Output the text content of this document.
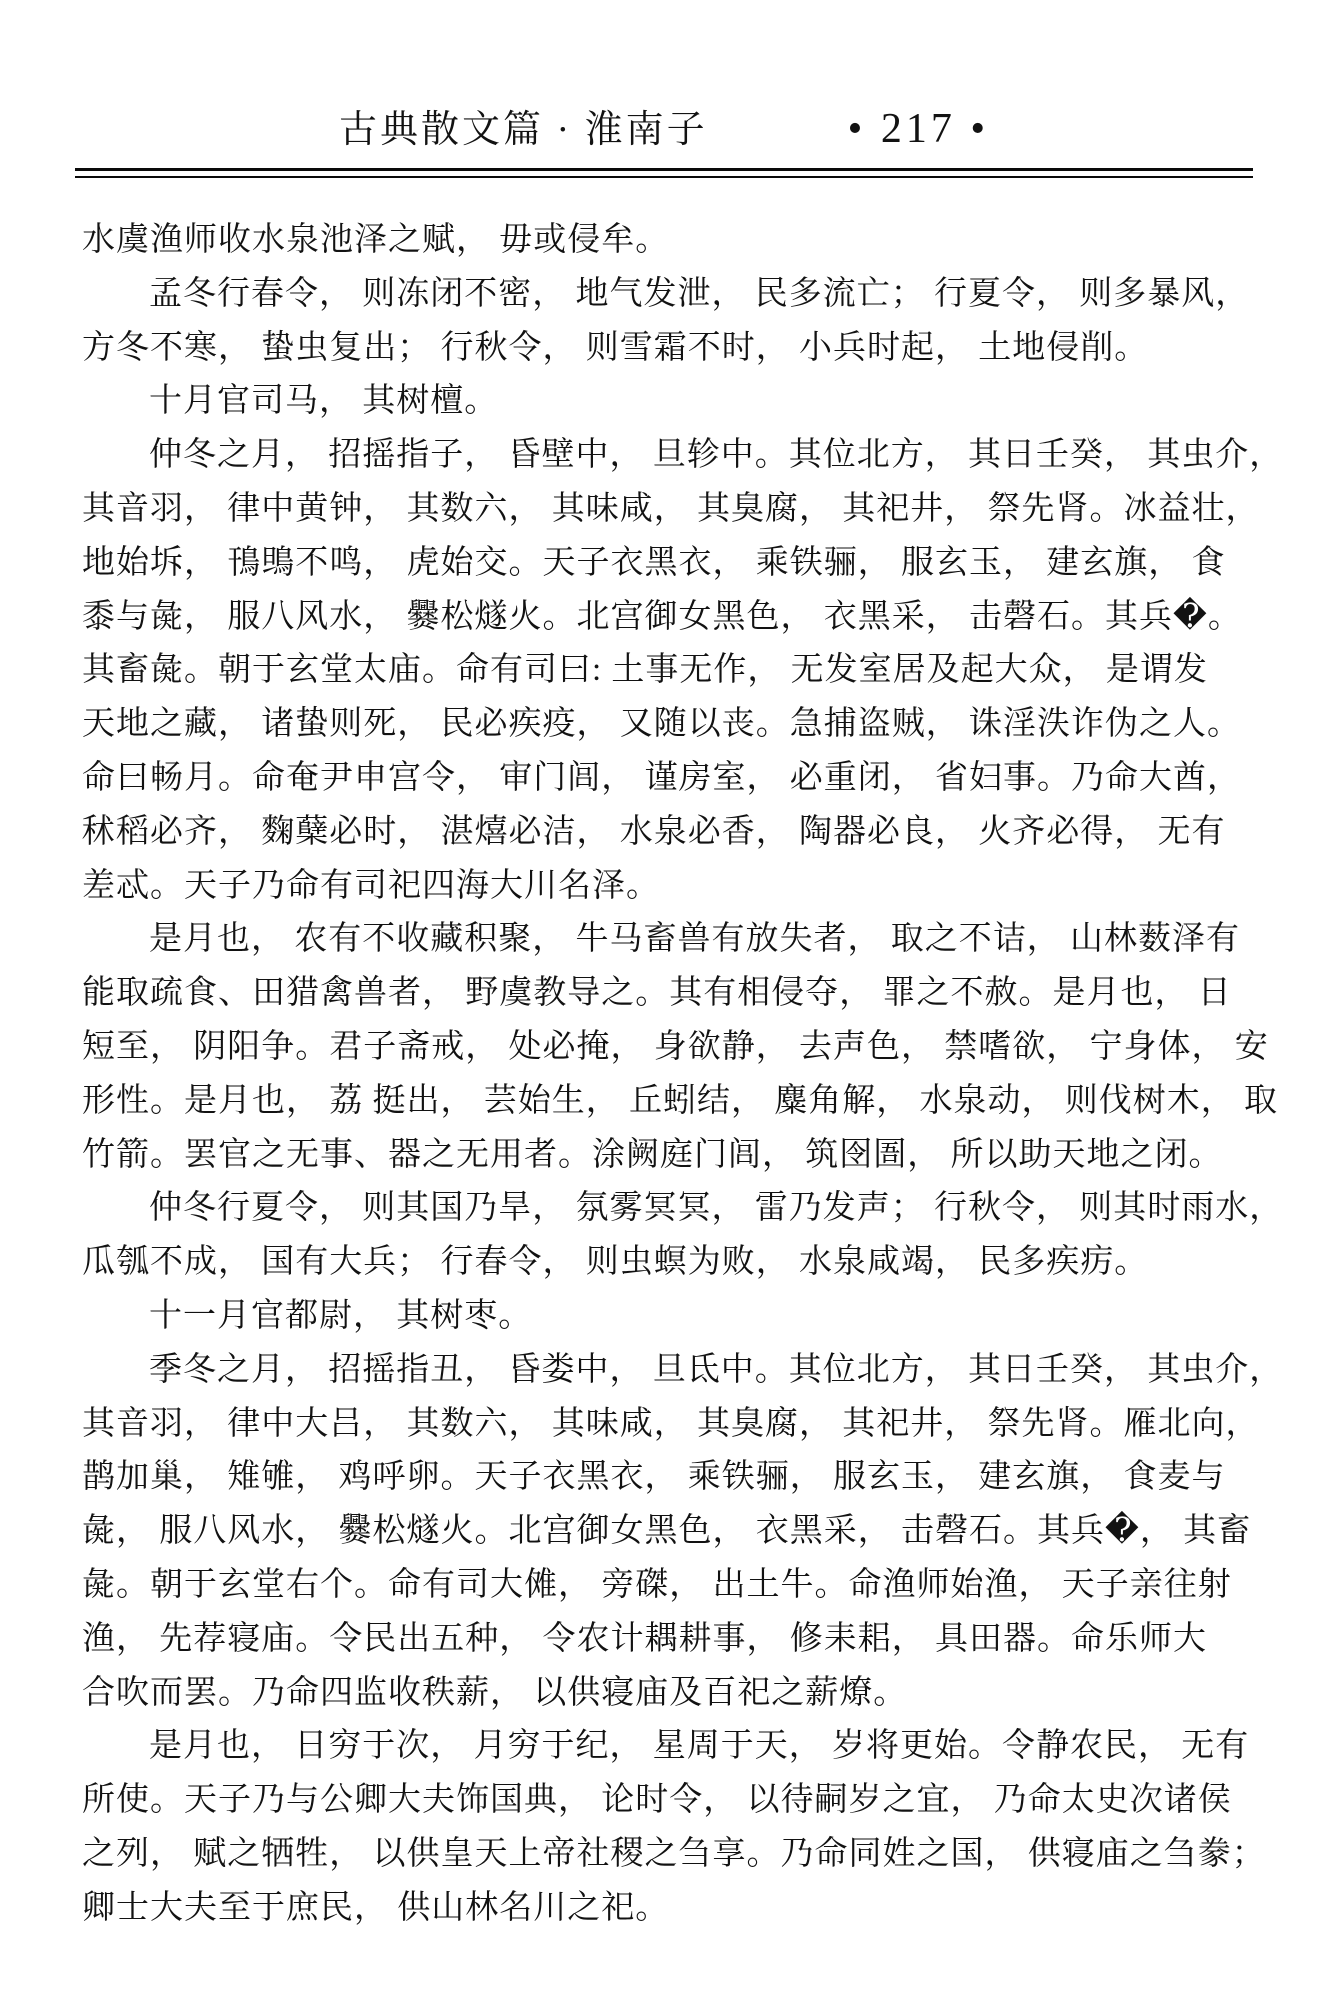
古典散文篇 · 淮南子	• 217 •

水虞渔师收水泉池泽之赋， 毋或侵牟。

孟冬行春令， 则冻闭不密， 地气发泄， 民多流亡； 行夏令， 则多暴风，

方冬不寒， 蛰虫复出； 行秋令， 则雪霜不时， 小兵时起， 土地侵削。

十月官司马， 其树檀。

仲冬之月， 招摇指子， 昏壁中， 旦轸中。其位北方， 其日壬癸， 其虫介，

其音羽， 律中黄钟， 其数六， 其味咸， 其臭腐， 其祀井， 祭先肾。冰益壮，

地始坼， 鳱鴠不鸣， 虎始交。天子衣黑衣， 乘铁骊， 服玄玉， 建玄旗， 食

黍与彘， 服八风水， 爨松燧火。北宫御女黑色， 衣黑采， 击磬石。其兵�。

其畜彘。朝于玄堂太庙。命有司曰: 土事无作， 无发室居及起大众， 是谓发

天地之藏， 诸蛰则死， 民必疾疫， 又随以丧。急捕盗贼， 诛淫泆诈伪之人。

命曰畅月。命奄尹申宫令， 审门闾， 谨房室， 必重闭， 省妇事。乃命大酋，

秫稻必齐， 麴蘖必时， 湛熺必洁， 水泉必香， 陶器必良， 火齐必得， 无有

差忒。天子乃命有司祀四海大川名泽。

是月也， 农有不收藏积聚， 牛马畜兽有放失者， 取之不诘， 山林薮泽有

能取疏食、田猎禽兽者， 野虞教导之。其有相侵夺， 罪之不赦。是月也， 日

短至， 阴阳争。君子斋戒， 处必掩， 身欲静， 去声色， 禁嗜欲， 宁身体， 安

形性。是月也， 荔 挺出， 芸始生， 丘蚓结， 麋角解， 水泉动， 则伐树木， 取

竹箭。罢官之无事、器之无用者。涂阙庭门闾， 筑囹圄， 所以助天地之闭。

仲冬行夏令， 则其国乃旱， 氛雾冥冥， 雷乃发声； 行秋令， 则其时雨水，

瓜瓠不成， 国有大兵； 行春令， 则虫螟为败， 水泉咸竭， 民多疾疠。

十一月官都尉， 其树枣。

季冬之月， 招摇指丑， 昏娄中， 旦氐中。其位北方， 其日壬癸， 其虫介，

其音羽， 律中大吕， 其数六， 其味咸， 其臭腐， 其祀井， 祭先肾。雁北向，

鹊加巢， 雉雊， 鸡呼卵。天子衣黑衣， 乘铁骊， 服玄玉， 建玄旗， 食麦与

彘， 服八风水， 爨松燧火。北宫御女黑色， 衣黑采， 击磬石。其兵�， 其畜

彘。朝于玄堂右个。命有司大傩， 旁磔， 出土牛。命渔师始渔， 天子亲往射

渔， 先荐寝庙。令民出五种， 令农计耦耕事， 修耒耜， 具田器。命乐师大

合吹而罢。乃命四监收秩薪， 以供寝庙及百祀之薪燎。

是月也， 日穷于次， 月穷于纪， 星周于天， 岁将更始。令静农民， 无有

所使。天子乃与公卿大夫饰国典， 论时令， 以待嗣岁之宜， 乃命太史次诸侯

之列， 赋之牺牲， 以供皇天上帝社稷之刍享。乃命同姓之国， 供寝庙之刍豢；

卿士大夫至于庶民， 供山林名川之祀。
